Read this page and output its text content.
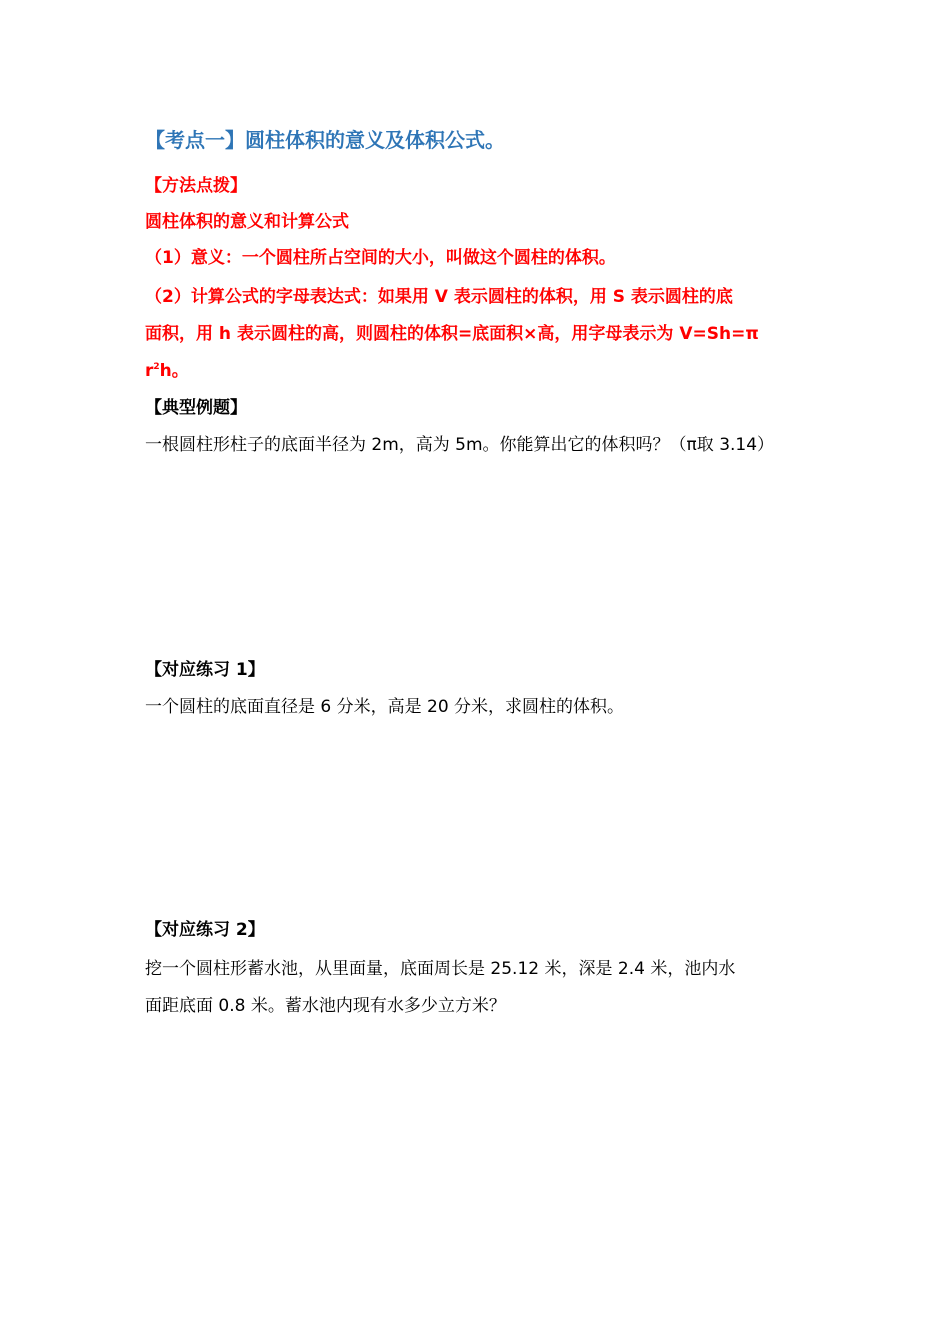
【考点一】圆柱体积的意义及体积公式。
【方法点拨】
圆柱体积的意义和计算公式
（1）意义：一个圆柱所占空间的大小，叫做这个圆柱的体积。
（2）计算公式的字母表达式：如果用 V 表示圆柱的体积，用 S 表示圆柱的底
面积，用 h 表示圆柱的高，则圆柱的体积=底面积×高，用字母表示为 V=Sh=π
$r^2h$。
【典型例题】
一根圆柱形柱子的底面半径为 2m，高为 5m。你能算出它的体积吗？（π取 3.14）
【对应练习 1】
一个圆柱的底面直径是 6 分米，高是 20 分米，求圆柱的体积。
【对应练习 2】
挖一个圆柱形蓄水池，从里面量，底面周长是 25.12 米，深是 2.4 米，池内水
面距底面 0.8 米。蓄水池内现有水多少立方米？
